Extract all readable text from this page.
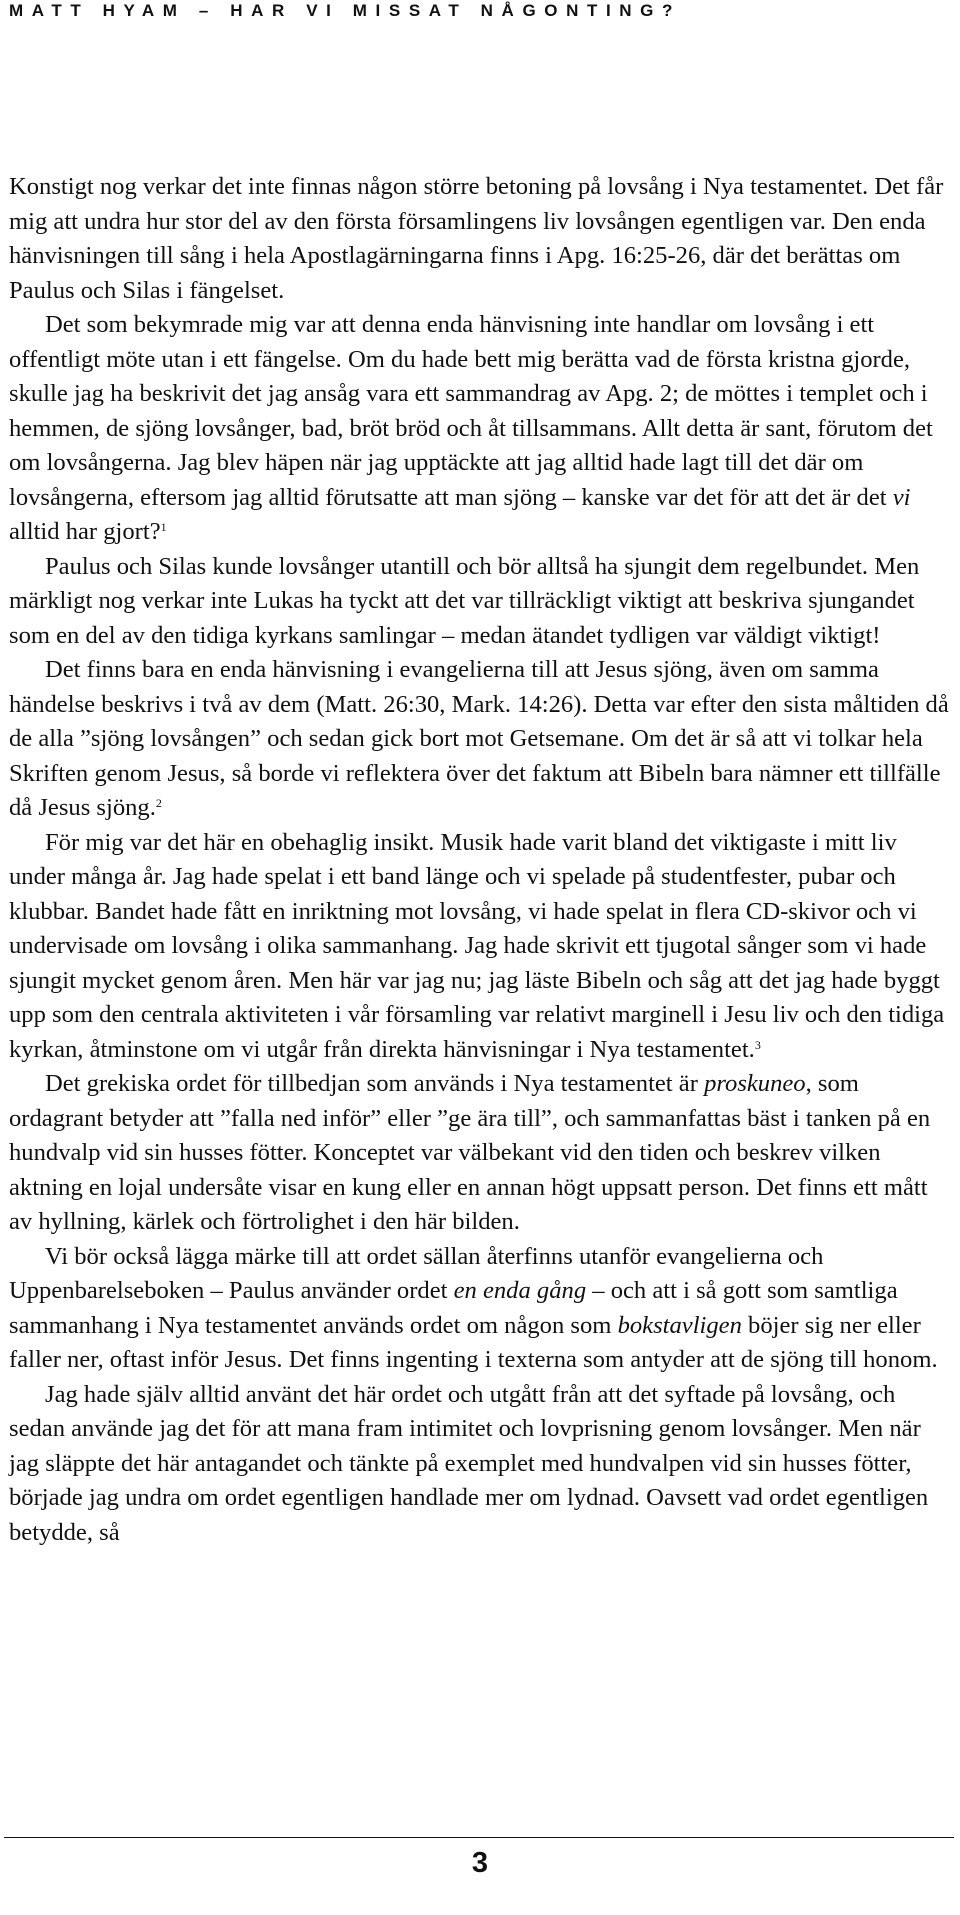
MATT HYAM – HAR VI MISSAT NÅGONTING?

Konstigt nog verkar det inte finnas någon större betoning på lovsång i Nya testamentet. Det får mig att undra hur stor del av den första församlingens liv lovsången egentligen var. Den enda hänvisningen till sång i hela Apostlagärningarna finns i Apg. 16:25-26, där det berättas om Paulus och Silas i fängelset.

Det som bekymrade mig var att denna enda hänvisning inte handlar om lovsång i ett offentligt möte utan i ett fängelse. Om du hade bett mig berätta vad de första kristna gjorde, skulle jag ha beskrivit det jag ansåg vara ett sammandrag av Apg. 2; de möttes i templet och i hemmen, de sjöng lovsånger, bad, bröt bröd och åt tillsammans. Allt detta är sant, förutom det om lovsångerna. Jag blev häpen när jag upptäckte att jag alltid hade lagt till det där om lovsångerna, eftersom jag alltid förutsatte att man sjöng – kanske var det för att det är det vi alltid har gjort?$^1$

Paulus och Silas kunde lovsånger utantill och bör alltså ha sjungit dem regelbundet. Men märkligt nog verkar inte Lukas ha tyckt att det var tillräckligt viktigt att beskriva sjungandet som en del av den tidiga kyrkans samlingar – medan ätandet tydligen var väldigt viktigt!

Det finns bara en enda hänvisning i evangelierna till att Jesus sjöng, även om samma händelse beskrivs i två av dem (Matt. 26:30, Mark. 14:26). Detta var efter den sista måltiden då de alla ”sjöng lovsången” och sedan gick bort mot Getsemane. Om det är så att vi tolkar hela Skriften genom Jesus, så borde vi reflektera över det faktum att Bibeln bara nämner ett tillfälle då Jesus sjöng.$^2$

För mig var det här en obehaglig insikt. Musik hade varit bland det viktigaste i mitt liv under många år. Jag hade spelat i ett band länge och vi spelade på studentfester, pubar och klubbar. Bandet hade fått en inriktning mot lovsång, vi hade spelat in flera CD-skivor och vi undervisade om lovsång i olika sammanhang. Jag hade skrivit ett tjugotal sånger som vi hade sjungit mycket genom åren. Men här var jag nu; jag läste Bibeln och såg att det jag hade byggt upp som den centrala aktiviteten i vår församling var relativt marginell i Jesu liv och den tidiga kyrkan, åtminstone om vi utgår från direkta hänvisningar i Nya testamentet.$^3$

Det grekiska ordet för tillbedjan som används i Nya testamentet är proskuneo, som ordagrant betyder att ”falla ned inför” eller ”ge ära till”, och sammanfattas bäst i tanken på en hundvalp vid sin husses fötter. Konceptet var välbekant vid den tiden och beskrev vilken aktning en lojal undersåte visar en kung eller en annan högt uppsatt person. Det finns ett mått av hyllning, kärlek och förtrolighet i den här bilden.

Vi bör också lägga märke till att ordet sällan återfinns utanför evangelierna och Uppenbarelseboken – Paulus använder ordet en enda gång – och att i så gott som samtliga sammanhang i Nya testamentet används ordet om någon som bokstavligen böjer sig ner eller faller ner, oftast inför Jesus. Det finns ingenting i texterna som antyder att de sjöng till honom.

Jag hade själv alltid använt det här ordet och utgått från att det syftade på lovsång, och sedan använde jag det för att mana fram intimitet och lovprisning genom lovsånger. Men när jag släppte det här antagandet och tänkte på exemplet med hundvalpen vid sin husses fötter, började jag undra om ordet egentligen handlade mer om lydnad. Oavsett vad ordet egentligen betydde, så

3
